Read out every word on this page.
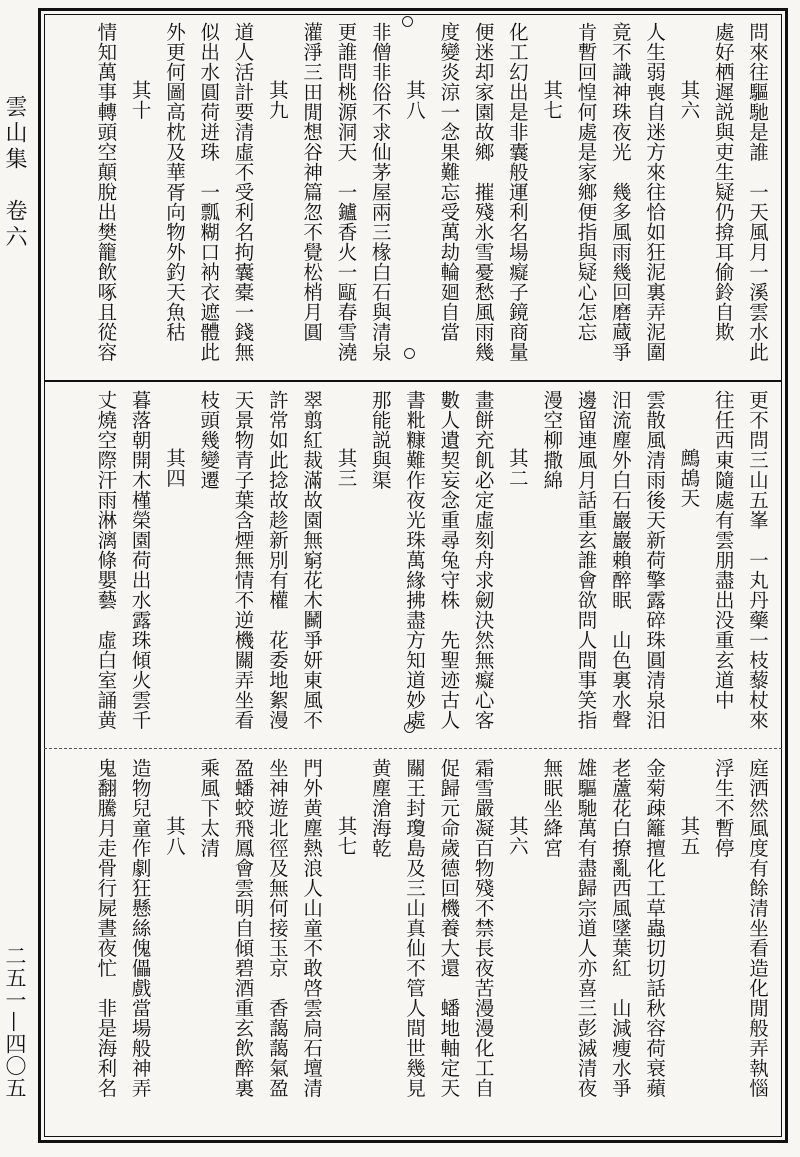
雲山集　卷六
二五一—四〇五
問來往驅馳是誰　一天風月一溪雲水此
處好栖遲説與吏生疑仍揜耳偷鈴自欺
其六
人生弱喪自迷方來往恰如狂泥裏弄泥圍
竟不識神珠夜光　幾多風雨幾回磨蔵爭
肯暫回惶何處是家鄉便指與疑心怎忘
其七
化工幻出是非囊般運利名場癡子鏡商量
便迷却家園故鄉　摧殘氷雪憂愁風雨幾
度變炎涼一念果難忘受萬劫輪廻自當
其八
非僧非俗不求仙茅屋兩三椽白石與清泉
更誰問桃源洞天　一鑪香火一甌春雪澆
灌淨三田閒想谷神篇忽不覺松梢月圓
其九
道人活計要清虛不受利名拘囊橐一錢無
似出水圓荷迸珠　一瓢糊口衲衣遮體此
外更何圖高枕及華胥向物外釣天魚秙
其十
情知萬事轉頭空顛脫出樊籠飲啄且從容
更不問三山五峯　一丸丹藥一枝藜杖來
往任西東隨處有雲朋盡出没重玄道中
鷓鴣天
雲散風清雨後天新荷擎露碎珠圓清泉汨
汨流塵外白石巖巖賴醉眠　山色裏水聲
邊留連風月話重玄誰會欲問人間事笑指
漫空柳撒綿
其二
畫餅充飢必定虛刻舟求劒決然無癡心客
數人遺契妄念重尋兔守株　先聖迹古人
書粃糠難作夜光珠萬緣拂盡方知道妙處
那能説與渠
其三
翠翦紅裁滿故園無窮花木鬭爭妍東風不
許常如此捻故趁新別有權　花委地絮漫
天景物青子葉含煙無情不逆機關弄坐看
枝頭幾變遷
其四
暮落朝開木槿榮園荷出水露珠傾火雲千
丈燒空際汗雨淋漓條嬰藝　虛白室誦黄
庭洒然風度有餘清坐看造化閒般弄執惱
浮生不暫停
其五
金菊疎籬擅化工草蟲切切話秋容荷衰蘋
老蘆花白撩亂西風墜葉紅　山減瘦水爭
雄驅馳萬有盡歸宗道人亦喜三彭滅清夜
無眠坐絳宮
其六
霜雪嚴凝百物殘不禁長夜苦漫漫化工自
促歸元命歲德回機養大還　蟠地軸定天
關王封瓊島及三山真仙不管人間世幾見
黄塵滄海乾
其七
門外黄塵熱浪人山童不敢啓雲扃石壇清
坐神遊北徑及無何接玉京　香藹藹氣盈
盈蟠蛟飛鳳會雲明自傾碧酒重玄飲醉裏
乘風下太清
其八
造物兒童作劇狂懸絲傀儡戲當場般神弄
鬼翻騰月走骨行屍晝夜忙　非是海利名
